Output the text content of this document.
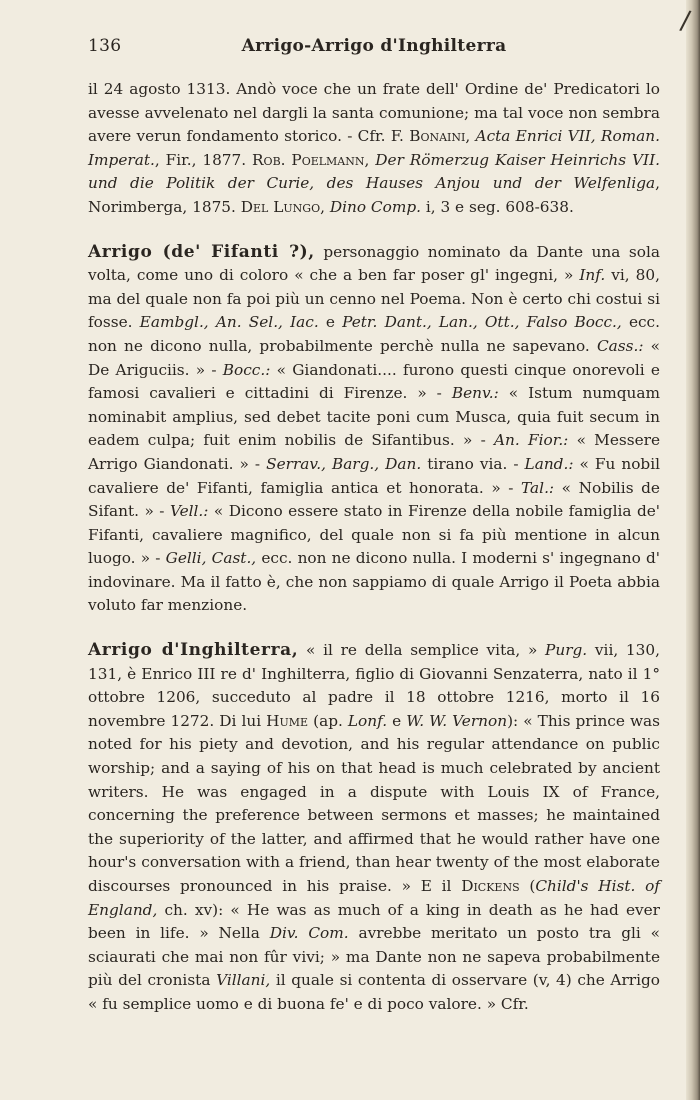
/
136	Arrigo-Arrigo d'Inghilterra

il 24 agosto 1313. Andò voce che un frate dell' Ordine de' Predicatori lo avesse avvelenato nel dargli la santa comunione; ma tal voce non sembra avere verun fondamento storico. - Cfr. F. Bonaini, Acta Enrici VII, Roman. Imperat., Fir., 1877. Rob. Poelmann, Der Römerzug Kaiser Heinrichs VII. und die Politik der Curie, des Hauses Anjou und der Welfenliga, Norimberga, 1875. Del Lungo, Dino Comp. i, 3 e seg. 608-638.

Arrigo (de' Fifanti ?), personaggio nominato da Dante una sola volta, come uno di coloro « che a ben far poser gl' ingegni, » Inf. vi, 80, ma del quale non fa poi più un cenno nel Poema. Non è certo chi costui si fosse. Eambgl., An. Sel., Iac. e Petr. Dant., Lan., Ott., Falso Bocc., ecc. non ne dicono nulla, probabilmente perchè nulla ne sapevano. Cass.: « De Ariguciis. » - Bocc.: « Giandonati.... furono questi cinque onorevoli e famosi cavalieri e cittadini di Firenze. » - Benv.: « Istum numquam nominabit amplius, sed debet tacite poni cum Musca, quia fuit secum in eadem culpa; fuit enim nobilis de Sifantibus. » - An. Fior.: « Messere Arrigo Giandonati. » - Serrav., Barg., Dan. tirano via. - Land.: « Fu nobil cavaliere de' Fifanti, famiglia antica et honorata. » - Tal.: « Nobilis de Sifant. » - Vell.: « Dicono essere stato in Firenze della nobile famiglia de' Fifanti, cavaliere magnifico, del quale non si fa più mentione in alcun luogo. » - Gelli, Cast., ecc. non ne dicono nulla. I moderni s' ingegnano d' indovinare. Ma il fatto è, che non sappiamo di quale Arrigo il Poeta abbia voluto far menzione.

Arrigo d'Inghilterra, « il re della semplice vita, » Purg. vii, 130, 131, è Enrico III re d' Inghilterra, figlio di Giovanni Senzaterra, nato il 1° ottobre 1206, succeduto al padre il 18 ottobre 1216, morto il 16 novembre 1272. Di lui Hume (ap. Lonf. e W. W. Vernon): « This prince was noted for his piety and devotion, and his regular attendance on public worship; and a saying of his on that head is much celebrated by ancient writers. He was engaged in a dispute with Louis IX of France, concerning the preference between sermons et masses; he maintained the superiority of the latter, and affirmed that he would rather have one hour's conversation with a friend, than hear twenty of the most elaborate discourses pronounced in his praise. » E il Dickens (Child's Hist. of England, ch. xv): « He was as much of a king in death as he had ever been in life. » Nella Div. Com. avrebbe meritato un posto tra gli « sciaurati che mai non fûr vivi; » ma Dante non ne sapeva probabilmente più del cronista Villani, il quale si contenta di osservare (v, 4) che Arrigo « fu semplice uomo e di buona fe' e di poco valore. » Cfr.
